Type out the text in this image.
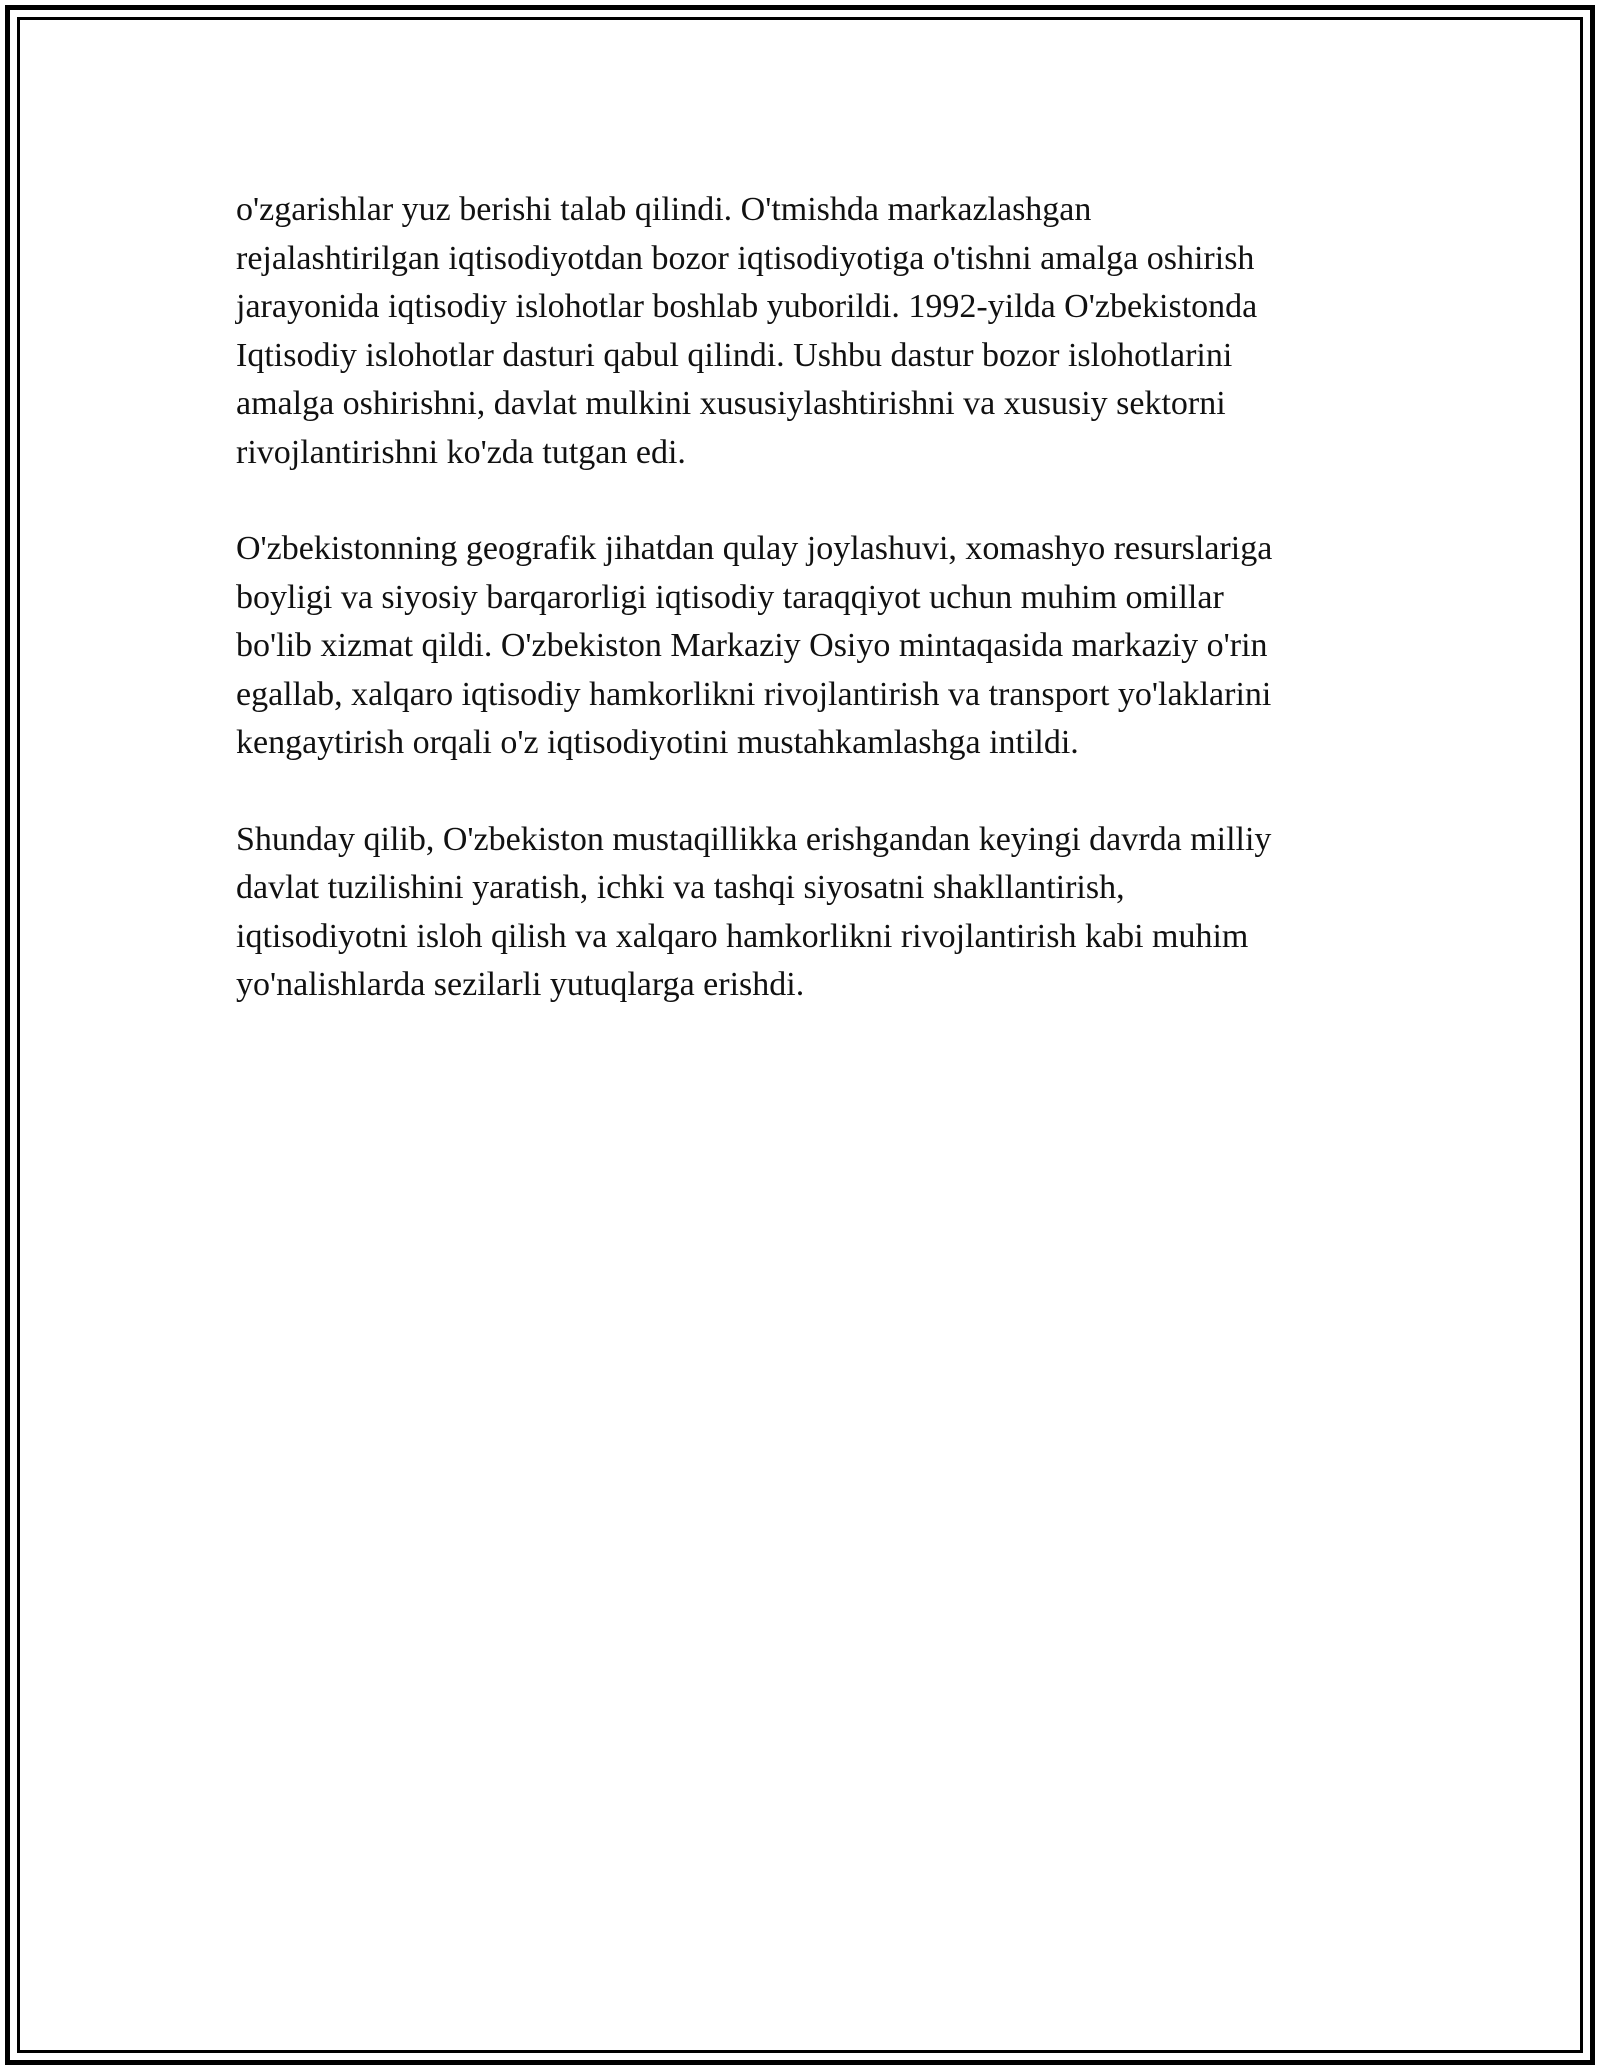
o'zgarishlar yuz berishi talab qilindi. O'tmishda markazlashgan
rejalashtirilgan iqtisodiyotdan bozor iqtisodiyotiga o'tishni amalga oshirish
jarayonida iqtisodiy islohotlar boshlab yuborildi. 1992-yilda O'zbekistonda
Iqtisodiy islohotlar dasturi qabul qilindi. Ushbu dastur bozor islohotlarini
amalga oshirishni, davlat mulkini xususiylashtirishni va xususiy sektorni
rivojlantirishni ko'zda tutgan edi.

O'zbekistonning geografik jihatdan qulay joylashuvi, xomashyo resurslariga
boyligi va siyosiy barqarorligi iqtisodiy taraqqiyot uchun muhim omillar
bo'lib xizmat qildi. O'zbekiston Markaziy Osiyo mintaqasida markaziy o'rin
egallab, xalqaro iqtisodiy hamkorlikni rivojlantirish va transport yo'laklarini
kengaytirish orqali o'z iqtisodiyotini mustahkamlashga intildi.

Shunday qilib, O'zbekiston mustaqillikka erishgandan keyingi davrda milliy
davlat tuzilishini yaratish, ichki va tashqi siyosatni shakllantirish,
iqtisodiyotni isloh qilish va xalqaro hamkorlikni rivojlantirish kabi muhim
yo'nalishlarda sezilarli yutuqlarga erishdi.
